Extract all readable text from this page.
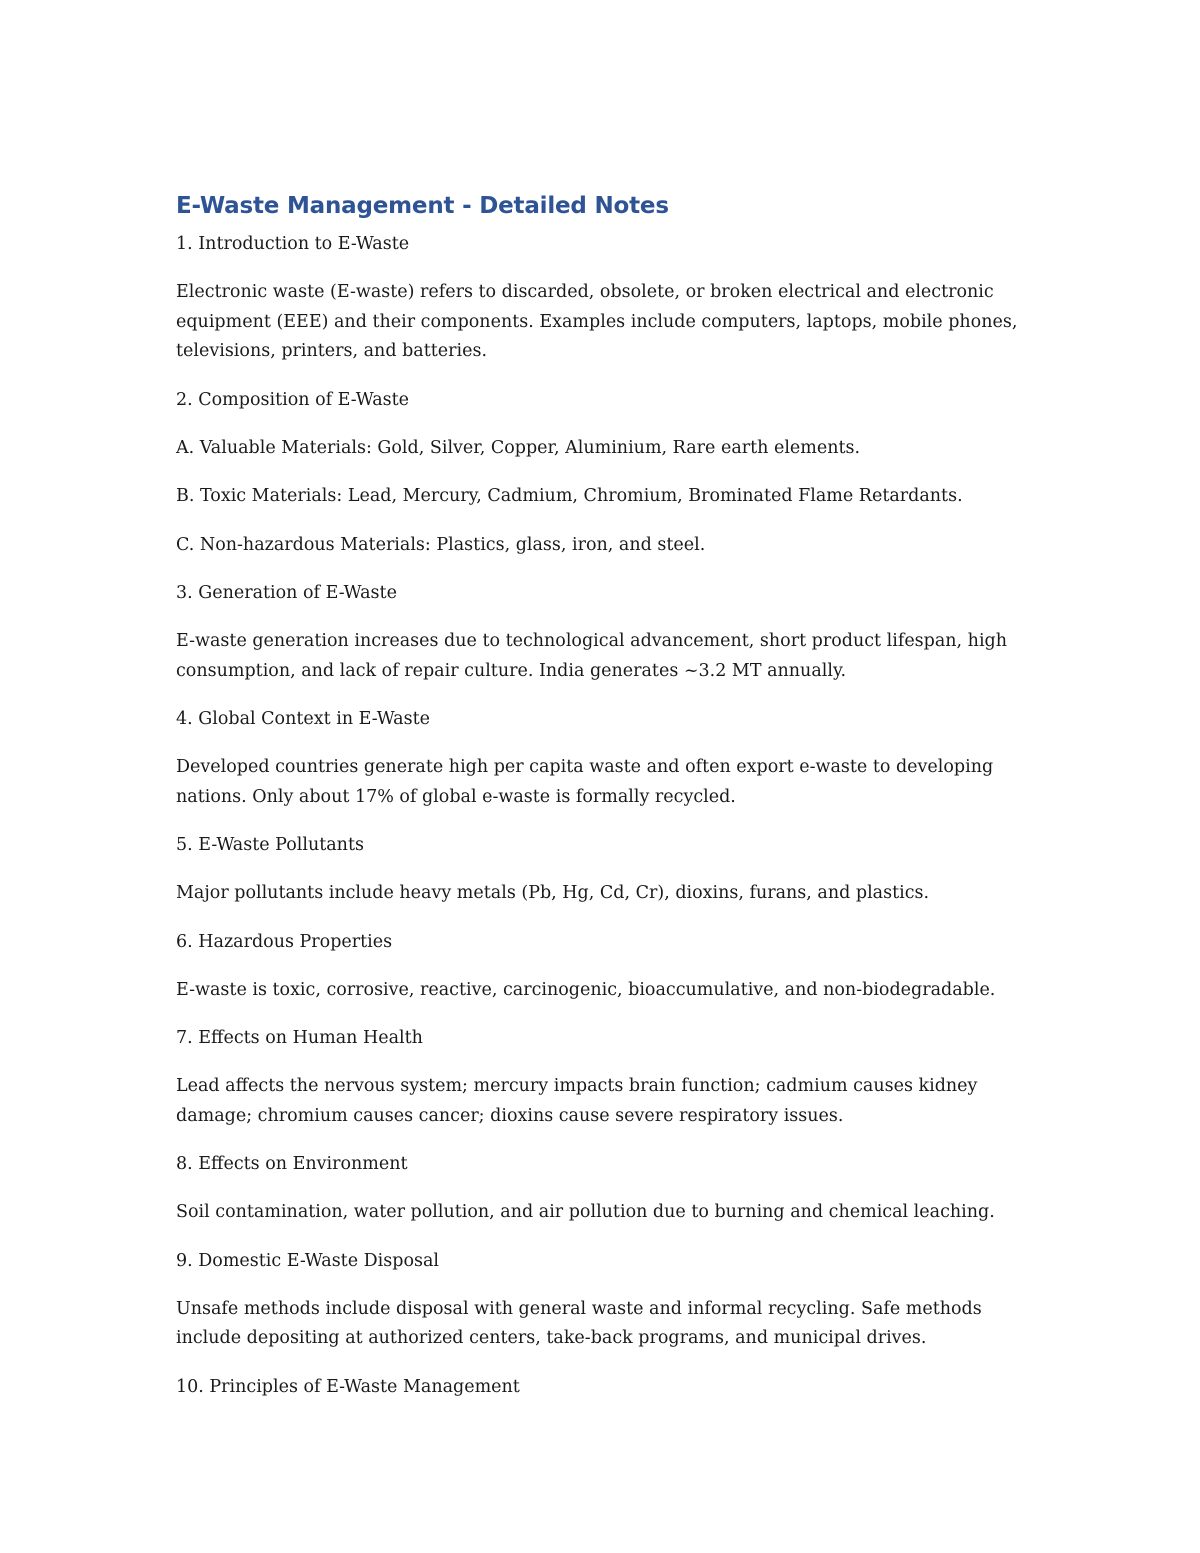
E-Waste Management - Detailed Notes

1. Introduction to E-Waste

Electronic waste (E-waste) refers to discarded, obsolete, or broken electrical and electronic equipment (EEE) and their components. Examples include computers, laptops, mobile phones, televisions, printers, and batteries.

2. Composition of E-Waste

A. Valuable Materials: Gold, Silver, Copper, Aluminium, Rare earth elements.

B. Toxic Materials: Lead, Mercury, Cadmium, Chromium, Brominated Flame Retardants.

C. Non-hazardous Materials: Plastics, glass, iron, and steel.

3. Generation of E-Waste

E-waste generation increases due to technological advancement, short product lifespan, high consumption, and lack of repair culture. India generates ~3.2 MT annually.

4. Global Context in E-Waste

Developed countries generate high per capita waste and often export e-waste to developing nations. Only about 17% of global e-waste is formally recycled.

5. E-Waste Pollutants

Major pollutants include heavy metals (Pb, Hg, Cd, Cr), dioxins, furans, and plastics.

6. Hazardous Properties

E-waste is toxic, corrosive, reactive, carcinogenic, bioaccumulative, and non-biodegradable.

7. Effects on Human Health

Lead affects the nervous system; mercury impacts brain function; cadmium causes kidney damage; chromium causes cancer; dioxins cause severe respiratory issues.

8. Effects on Environment

Soil contamination, water pollution, and air pollution due to burning and chemical leaching.

9. Domestic E-Waste Disposal

Unsafe methods include disposal with general waste and informal recycling. Safe methods include depositing at authorized centers, take-back programs, and municipal drives.

10. Principles of E-Waste Management
